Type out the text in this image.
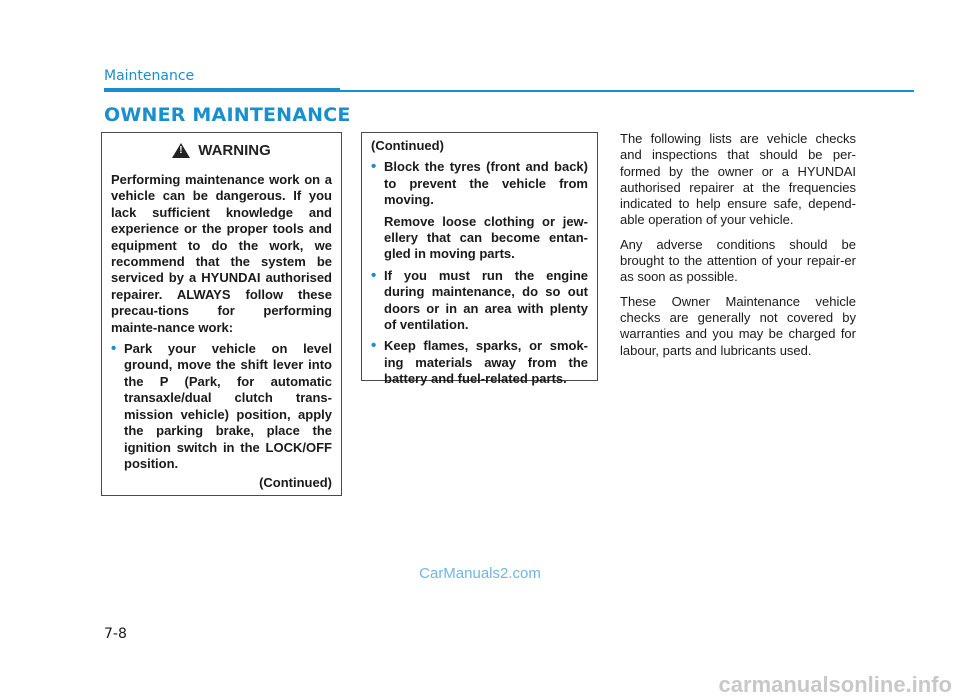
Maintenance
OWNER MAINTENANCE
!
WARNING
Performing maintenance work on a vehicle can be dangerous. If you lack sufficient knowledge and experience or the proper tools and equipment to do the work, we recommend that the system be serviced by a HYUNDAI authorised repairer. ALWAYS follow these precau-tions for performing mainte-nance work:
• Park your vehicle on level ground, move the shift lever into the P (Park, for automatic transaxle/dual clutch trans-mission vehicle) position, apply the parking brake, place the ignition switch in the LOCK/OFF position.
(Continued)
(Continued)
• Block the tyres (front and back) to prevent the vehicle from moving.
Remove loose clothing or jew-ellery that can become entan-gled in moving parts.
• If you must run the engine during maintenance, do so out doors or in an area with plenty of ventilation.
• Keep flames, sparks, or smok-ing materials away from the battery and fuel-related parts.

The following lists are vehicle checks and inspections that should be per-formed by the owner or a HYUNDAI authorised repairer at the frequencies indicated to help ensure safe, depend-able operation of your vehicle.

Any adverse conditions should be brought to the attention of your repair-er as soon as possible.

These Owner Maintenance vehicle checks are generally not covered by warranties and you may be charged for labour, parts and lubricants used.

CarManuals2.com
7-8
carmanualsonline.info
